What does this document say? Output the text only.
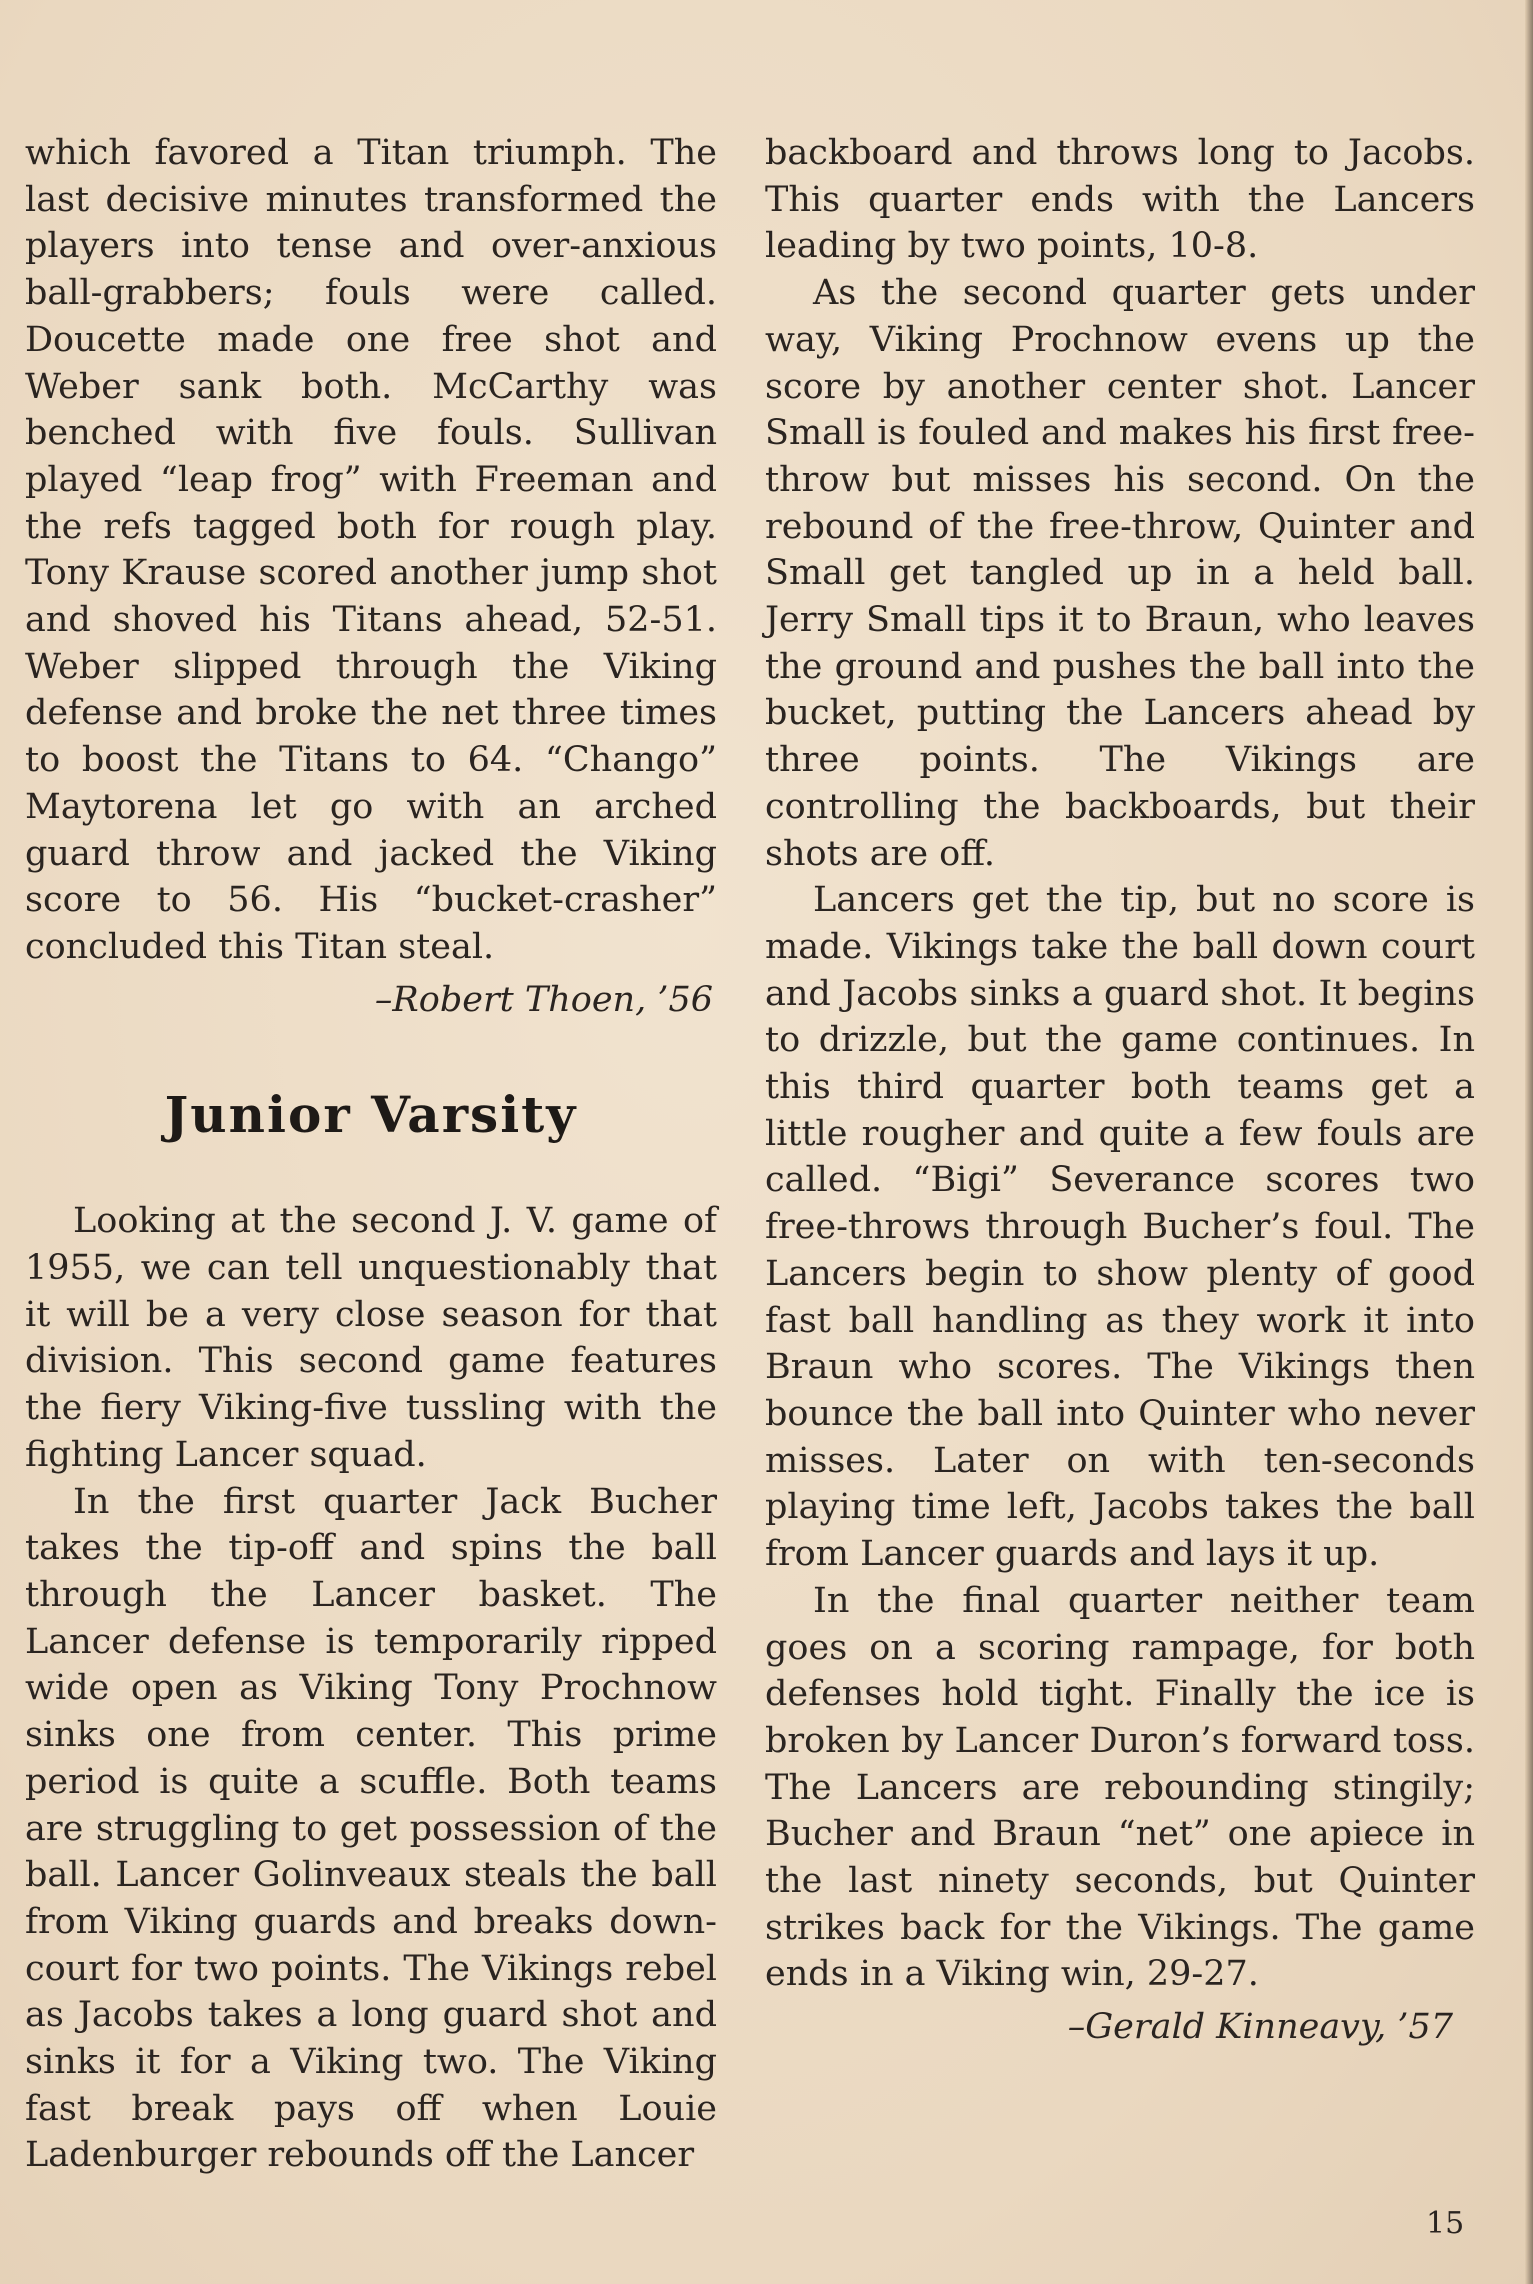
which favored a Titan triumph. The last decisive minutes transformed the players into tense and over-anxious ball-grabbers; fouls were called. Doucette made one free shot and Weber sank both. McCarthy was benched with five fouls. Sullivan played “leap frog” with Freeman and the refs tagged both for rough play. Tony Krause scored another jump shot and shoved his Titans ahead, 52-51. Weber slipped through the Viking defense and broke the net three times to boost the Titans to 64. “Chango” Maytorena let go with an arched guard throw and jacked the Viking score to 56. His “bucket-crasher” concluded this Titan steal.

–Robert Thoen, ’56

Junior Varsity

Looking at the second J. V. game of 1955, we can tell unquestionably that it will be a very close season for that division. This second game features the fiery Viking-five tussling with the fighting Lancer squad.

In the first quarter Jack Bucher takes the tip-off and spins the ball through the Lancer basket. The Lancer defense is temporarily ripped wide open as Viking Tony Prochnow sinks one from center. This prime period is quite a scuffle. Both teams are struggling to get possession of the ball. Lancer Golinveaux steals the ball from Viking guards and breaks down-court for two points. The Vikings rebel as Jacobs takes a long guard shot and sinks it for a Viking two. The Viking fast break pays off when Louie Ladenburger rebounds off the Lancer

backboard and throws long to Jacobs. This quarter ends with the Lancers leading by two points, 10-8.

As the second quarter gets under way, Viking Prochnow evens up the score by another center shot. Lancer Small is fouled and makes his first free-throw but misses his second. On the rebound of the free-throw, Quinter and Small get tangled up in a held ball. Jerry Small tips it to Braun, who leaves the ground and pushes the ball into the bucket, putting the Lancers ahead by three points. The Vikings are controlling the backboards, but their shots are off.

Lancers get the tip, but no score is made. Vikings take the ball down court and Jacobs sinks a guard shot. It begins to drizzle, but the game continues. In this third quarter both teams get a little rougher and quite a few fouls are called. “Bigi” Severance scores two free-throws through Bucher’s foul. The Lancers begin to show plenty of good fast ball handling as they work it into Braun who scores. The Vikings then bounce the ball into Quinter who never misses. Later on with ten-seconds playing time left, Jacobs takes the ball from Lancer guards and lays it up.

In the final quarter neither team goes on a scoring rampage, for both defenses hold tight. Finally the ice is broken by Lancer Duron’s forward toss. The Lancers are rebounding stingily; Bucher and Braun “net” one apiece in the last ninety seconds, but Quinter strikes back for the Vikings. The game ends in a Viking win, 29-27.

–Gerald Kinneavy, ’57

15
